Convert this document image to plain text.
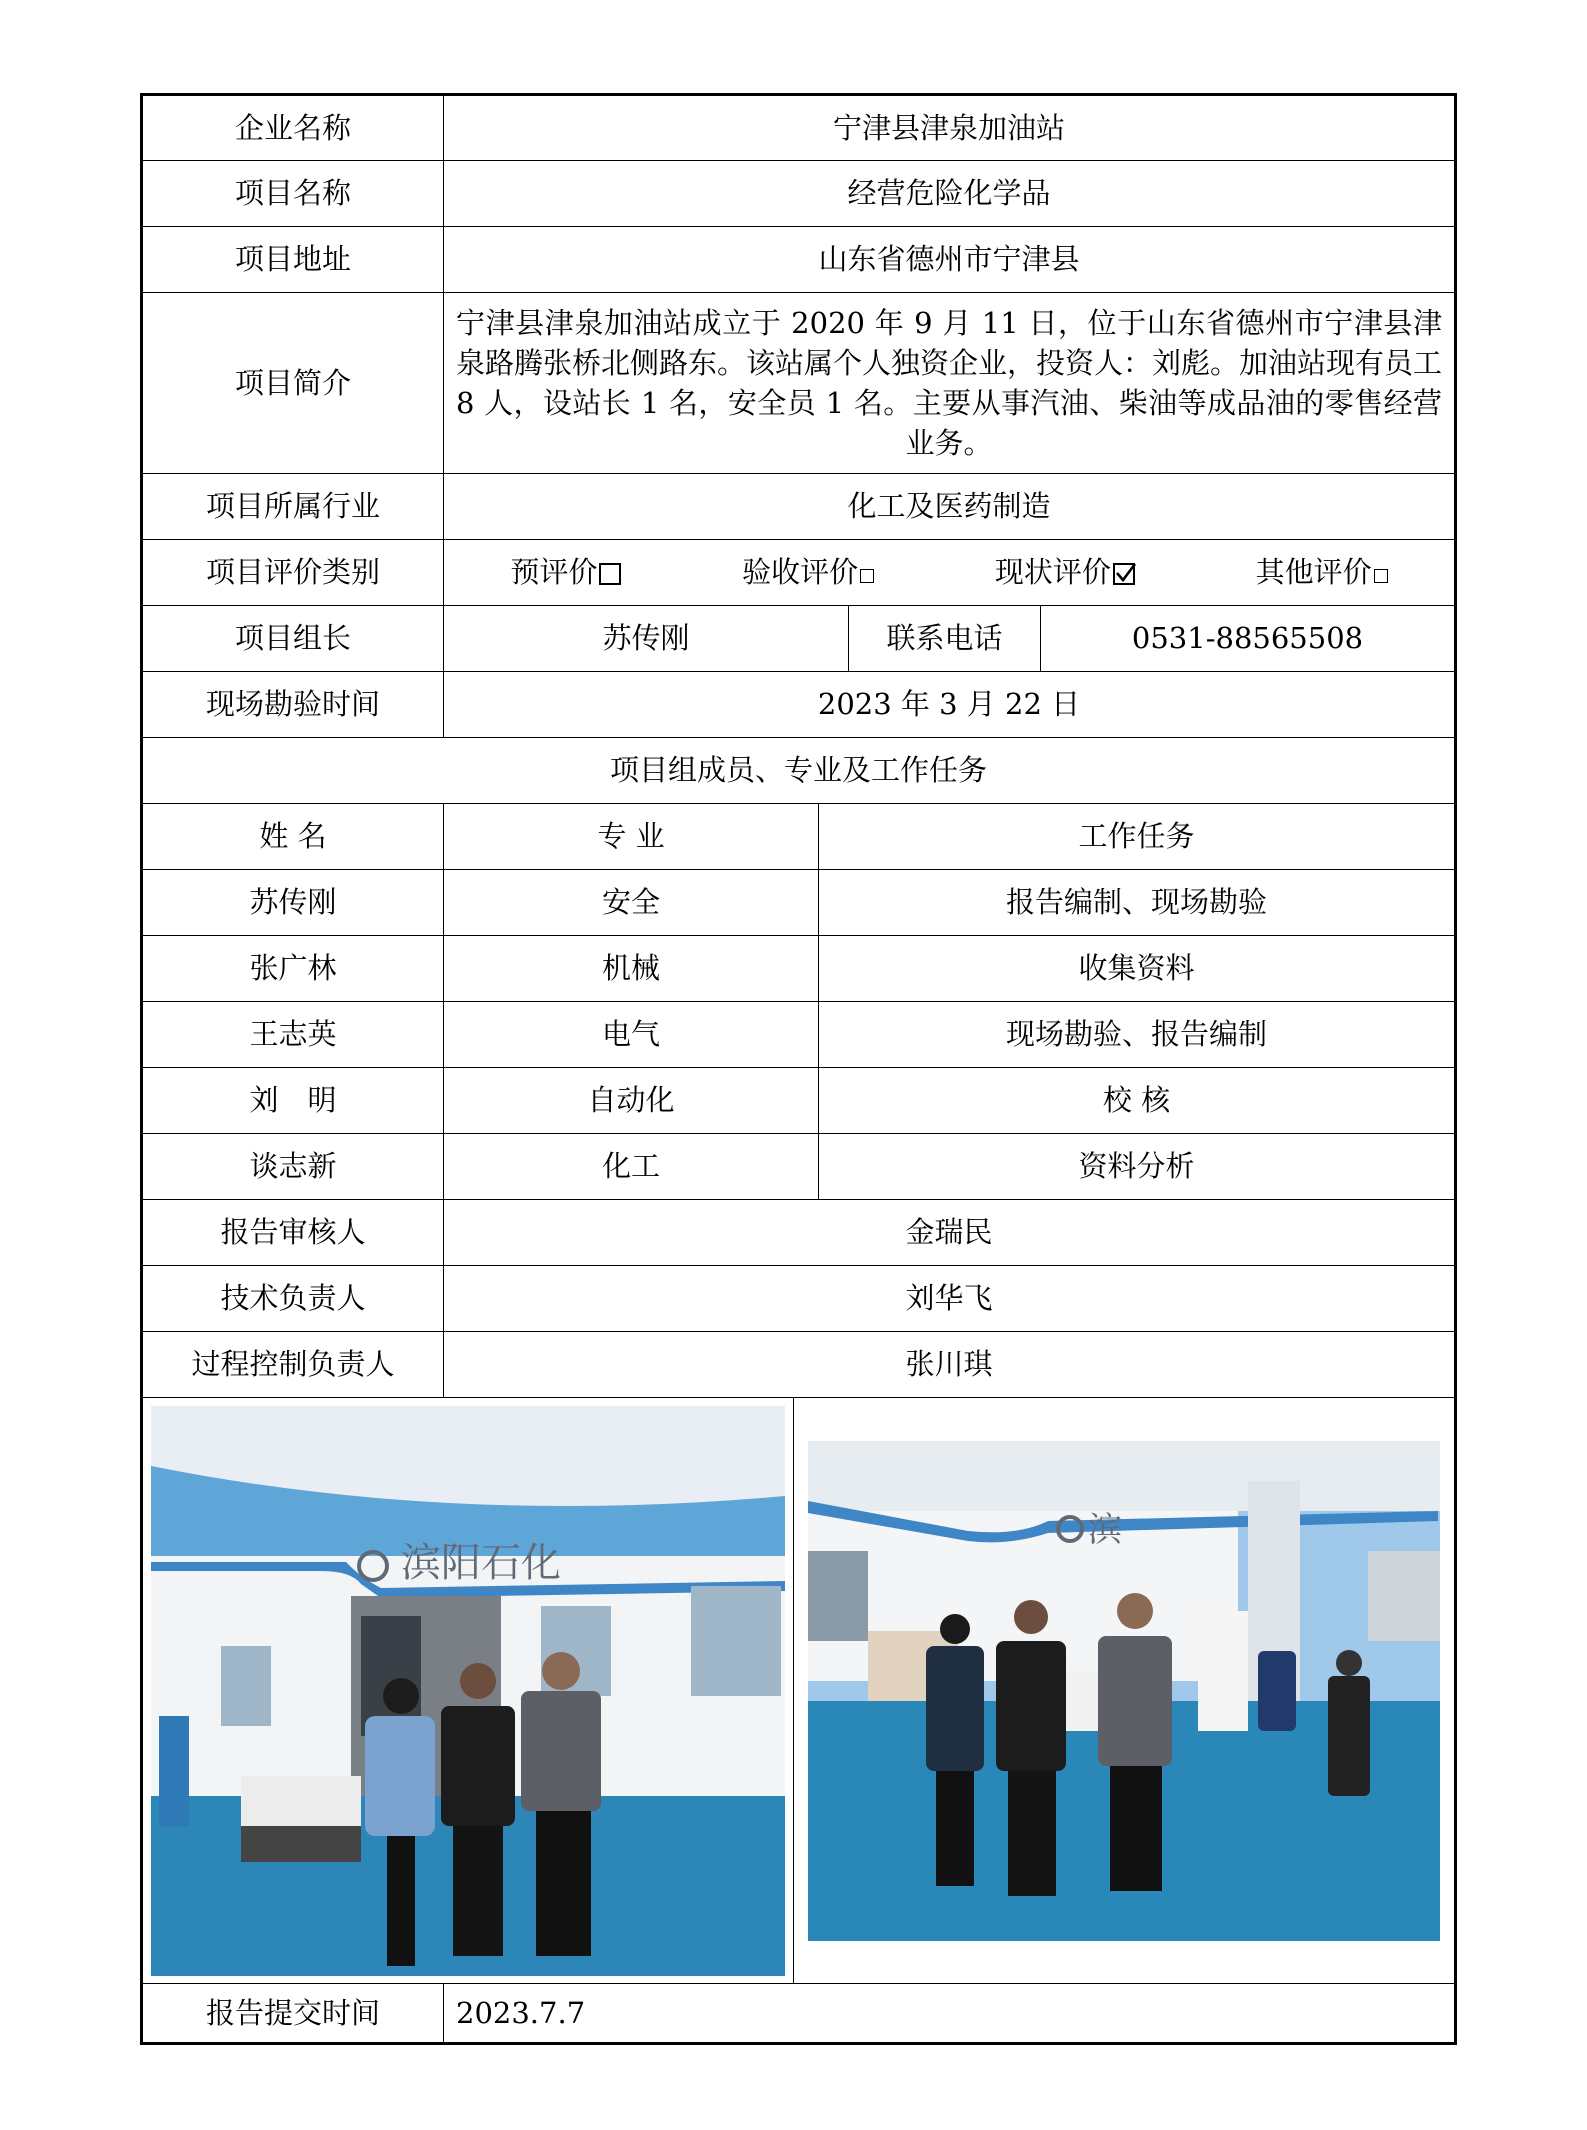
企业名称	宁津县津泉加油站			
项目名称	经营危险化学品			
项目地址	山东省德州市宁津县			
项目简介	宁津县津泉加油站成立于 2020 年 9 月 11 日，位于山东省德州市宁津县津泉路腾张桥北侧路东。该站属个人独资企业，投资人：刘彪。加油站现有员工 8 人，设站长 1 名，安全员 1 名。主要从事汽油、柴油等成品油的零售经营业务。			
项目所属行业	化工及医药制造			
项目评价类别	预评价 验收评价 现状评价 其他评价			

项目组长	苏传刚		联系电话	0531-88565508
现场勘验时间	2023 年 3 月 22 日			
项目组成员、专业及工作任务				
姓 名	专 业	工作任务		
苏传刚	安全	报告编制、现场勘验		
张广林	机械	收集资料		
王志英	电气	现场勘验、报告编制		
刘　明	自动化	校 核		
谈志新	化工	资料分析		
报告审核人	金瑞民			
技术负责人	刘华飞			
过程控制负责人	张川琪			

滨阳石化
滨				

报告提交时间	2023.7.7			
